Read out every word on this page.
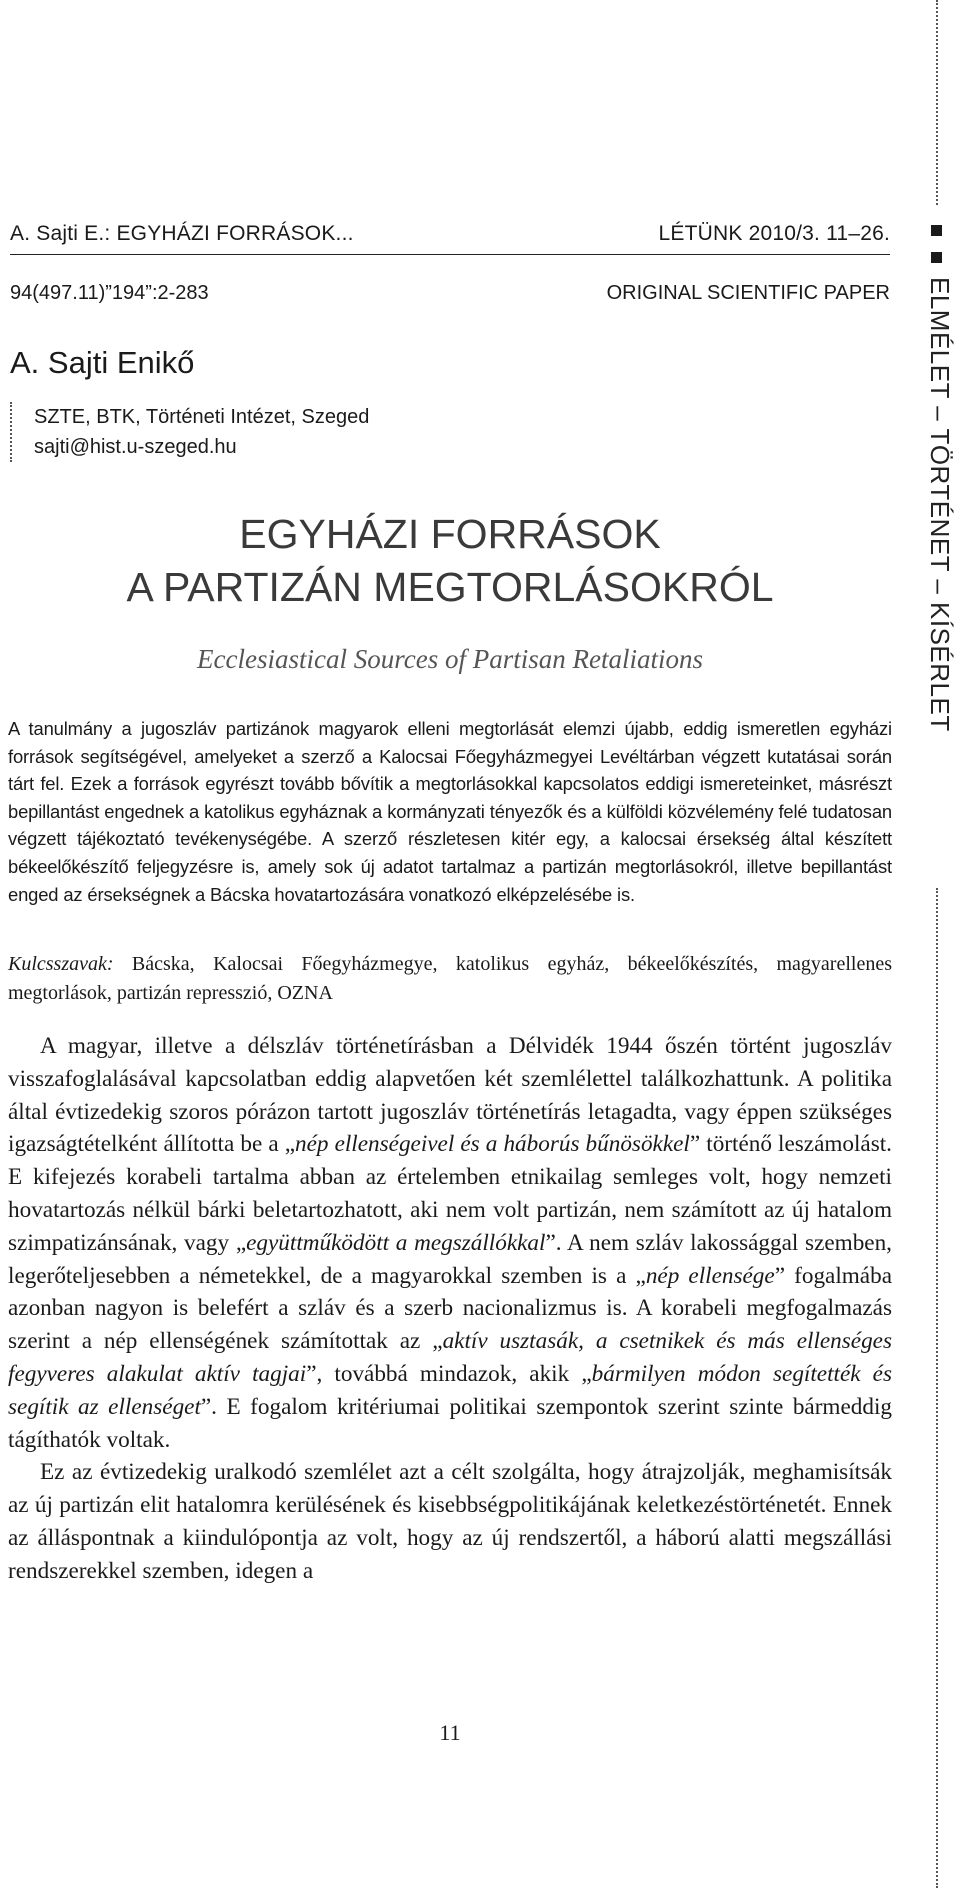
A. Sajti E.: EGYHÁZI FORRÁSOK...	LÉTÜNK 2010/3. 11–26.
94(497.11)”194”:2-283	ORIGINAL SCIENTIFIC PAPER
A. Sajti Enikő
SZTE, BTK, Történeti Intézet, Szeged
sajti@hist.u-szeged.hu
EGYHÁZI FORRÁSOK
A PARTIZÁN MEGTORLÁSOKRÓL
Ecclesiastical Sources of Partisan Retaliations
A tanulmány a jugoszláv partizánok magyarok elleni megtorlását elemzi újabb, eddig ismeretlen egyházi források segítségével, amelyeket a szerző a Kalocsai Főegyházmegyei Levéltárban végzett kutatásai során tárt fel. Ezek a források egyrészt tovább bővítik a megtorlásokkal kapcsolatos eddigi ismereteinket, másrészt bepillantást engednek a katolikus egyháznak a kormányzati tényezők és a külföldi közvélemény felé tudatosan végzett tájékoztató tevékenységébe. A szerző részletesen kitér egy, a kalocsai érsekség által készített békeelőkészítő feljegyzésre is, amely sok új adatot tartalmaz a partizán megtorlásokról, illetve bepillantást enged az érsekségnek a Bácska hovatartozására vonatkozó elképzelésébe is.
Kulcsszavak: Bácska, Kalocsai Főegyházmegye, katolikus egyház, békeelőkészítés, magyarellenes megtorlások, partizán represszió, OZNA

A magyar, illetve a délszláv történetírásban a Délvidék 1944 őszén történt jugoszláv visszafoglalásával kapcsolatban eddig alapvetően két szemlélettel találkozhattunk. A politika által évtizedekig szoros pórázon tartott jugoszláv történetírás letagadta, vagy éppen szükséges igazságtételként állította be a „nép ellenségeivel és a háborús bűnösökkel” történő leszámolást. E kifejezés korabeli tartalma abban az értelemben etnikailag semleges volt, hogy nemzeti hovatartozás nélkül bárki beletartozhatott, aki nem volt partizán, nem számított az új hatalom szimpatizánsának, vagy „együttműködött a megszállókkal”. A nem szláv lakossággal szemben, legerőteljesebben a németekkel, de a magyarokkal szemben is a „nép ellensége” fogalmába azonban nagyon is belefért a szláv és a szerb nacionalizmus is. A korabeli megfogalmazás szerint a nép ellenségének számítottak az „aktív usztasák, a csetnikek és más ellenséges fegyveres alakulat aktív tagjai”, továbbá mindazok, akik „bármilyen módon segítették és segítik az ellenséget”. E fogalom kritériumai politikai szempontok szerint szinte bármeddig tágíthatók voltak.

Ez az évtizedekig uralkodó szemlélet azt a célt szolgálta, hogy átrajzolják, meghamisítsák az új partizán elit hatalomra kerülésének és kisebbségpolitikájának keletkezéstörténetét. Ennek az álláspontnak a kiindulópontja az volt, hogy az új rendszertől, a háború alatti megszállási rendszerekkel szemben, idegen a

11
ELMÉLET – TÖRTÉNET – KÍSÉRLET
